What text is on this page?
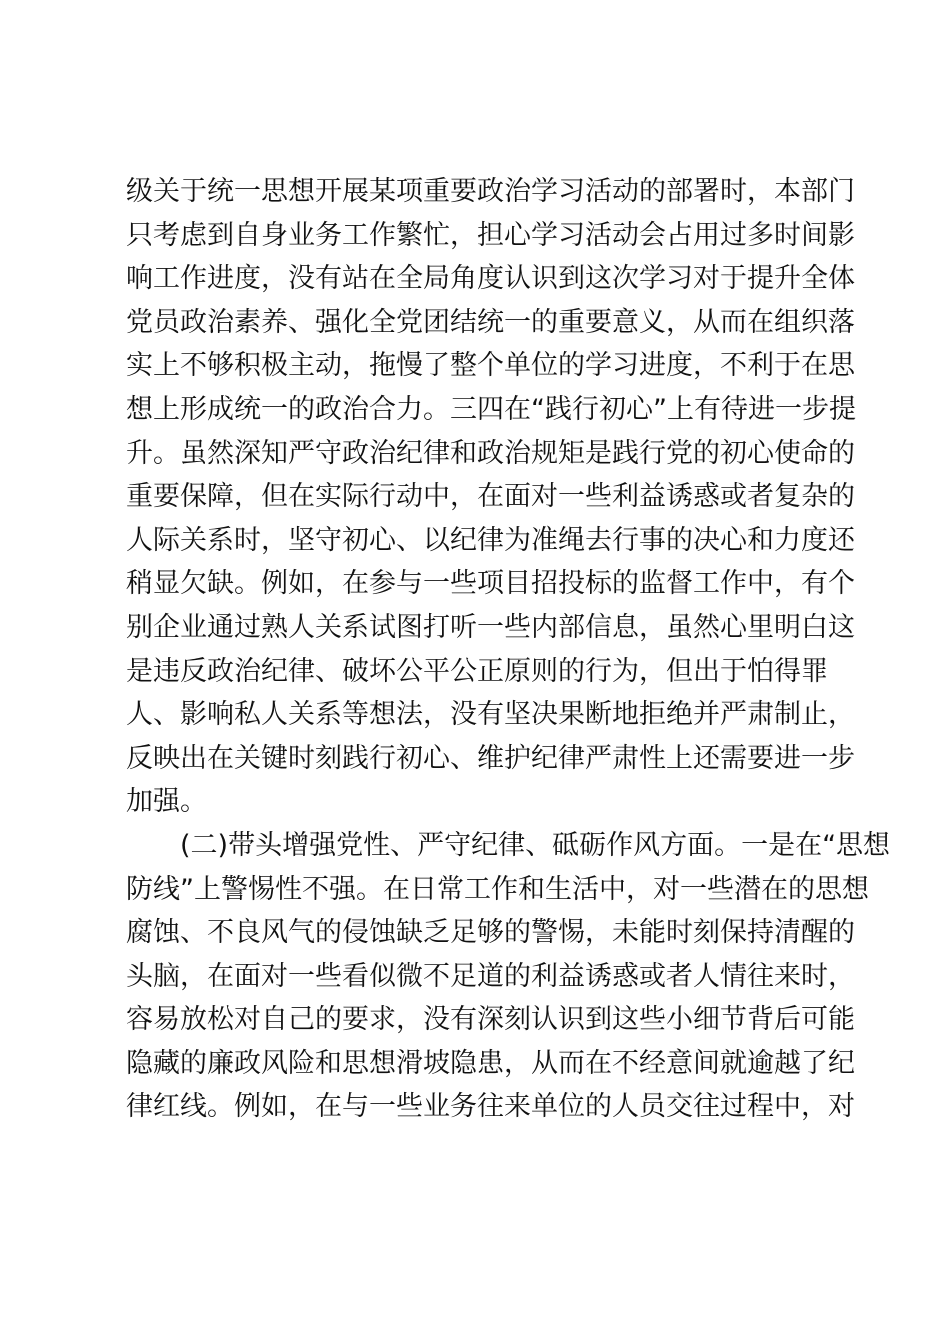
级关于统一思想开展某项重要政治学习活动的部署时，本部门
只考虑到自身业务工作繁忙，担心学习活动会占用过多时间影
响工作进度，没有站在全局角度认识到这次学习对于提升全体
党员政治素养、强化全党团结统一的重要意义，从而在组织落
实上不够积极主动，拖慢了整个单位的学习进度，不利于在思
想上形成统一的政治合力。三四在“践行初心”上有待进一步提
升。虽然深知严守政治纪律和政治规矩是践行党的初心使命的
重要保障，但在实际行动中，在面对一些利益诱惑或者复杂的
人际关系时，坚守初心、以纪律为准绳去行事的决心和力度还
稍显欠缺。例如，在参与一些项目招投标的监督工作中，有个
别企业通过熟人关系试图打听一些内部信息，虽然心里明白这
是违反政治纪律、破坏公平公正原则的行为，但出于怕得罪
人、影响私人关系等想法，没有坚决果断地拒绝并严肃制止，
反映出在关键时刻践行初心、维护纪律严肃性上还需要进一步
加强。
(二)带头增强党性、严守纪律、砥砺作风方面。一是在“思想
防线”上警惕性不强。在日常工作和生活中，对一些潜在的思想
腐蚀、不良风气的侵蚀缺乏足够的警惕，未能时刻保持清醒的
头脑，在面对一些看似微不足道的利益诱惑或者人情往来时，
容易放松对自己的要求，没有深刻认识到这些小细节背后可能
隐藏的廉政风险和思想滑坡隐患，从而在不经意间就逾越了纪
律红线。例如，在与一些业务往来单位的人员交往过程中，对
